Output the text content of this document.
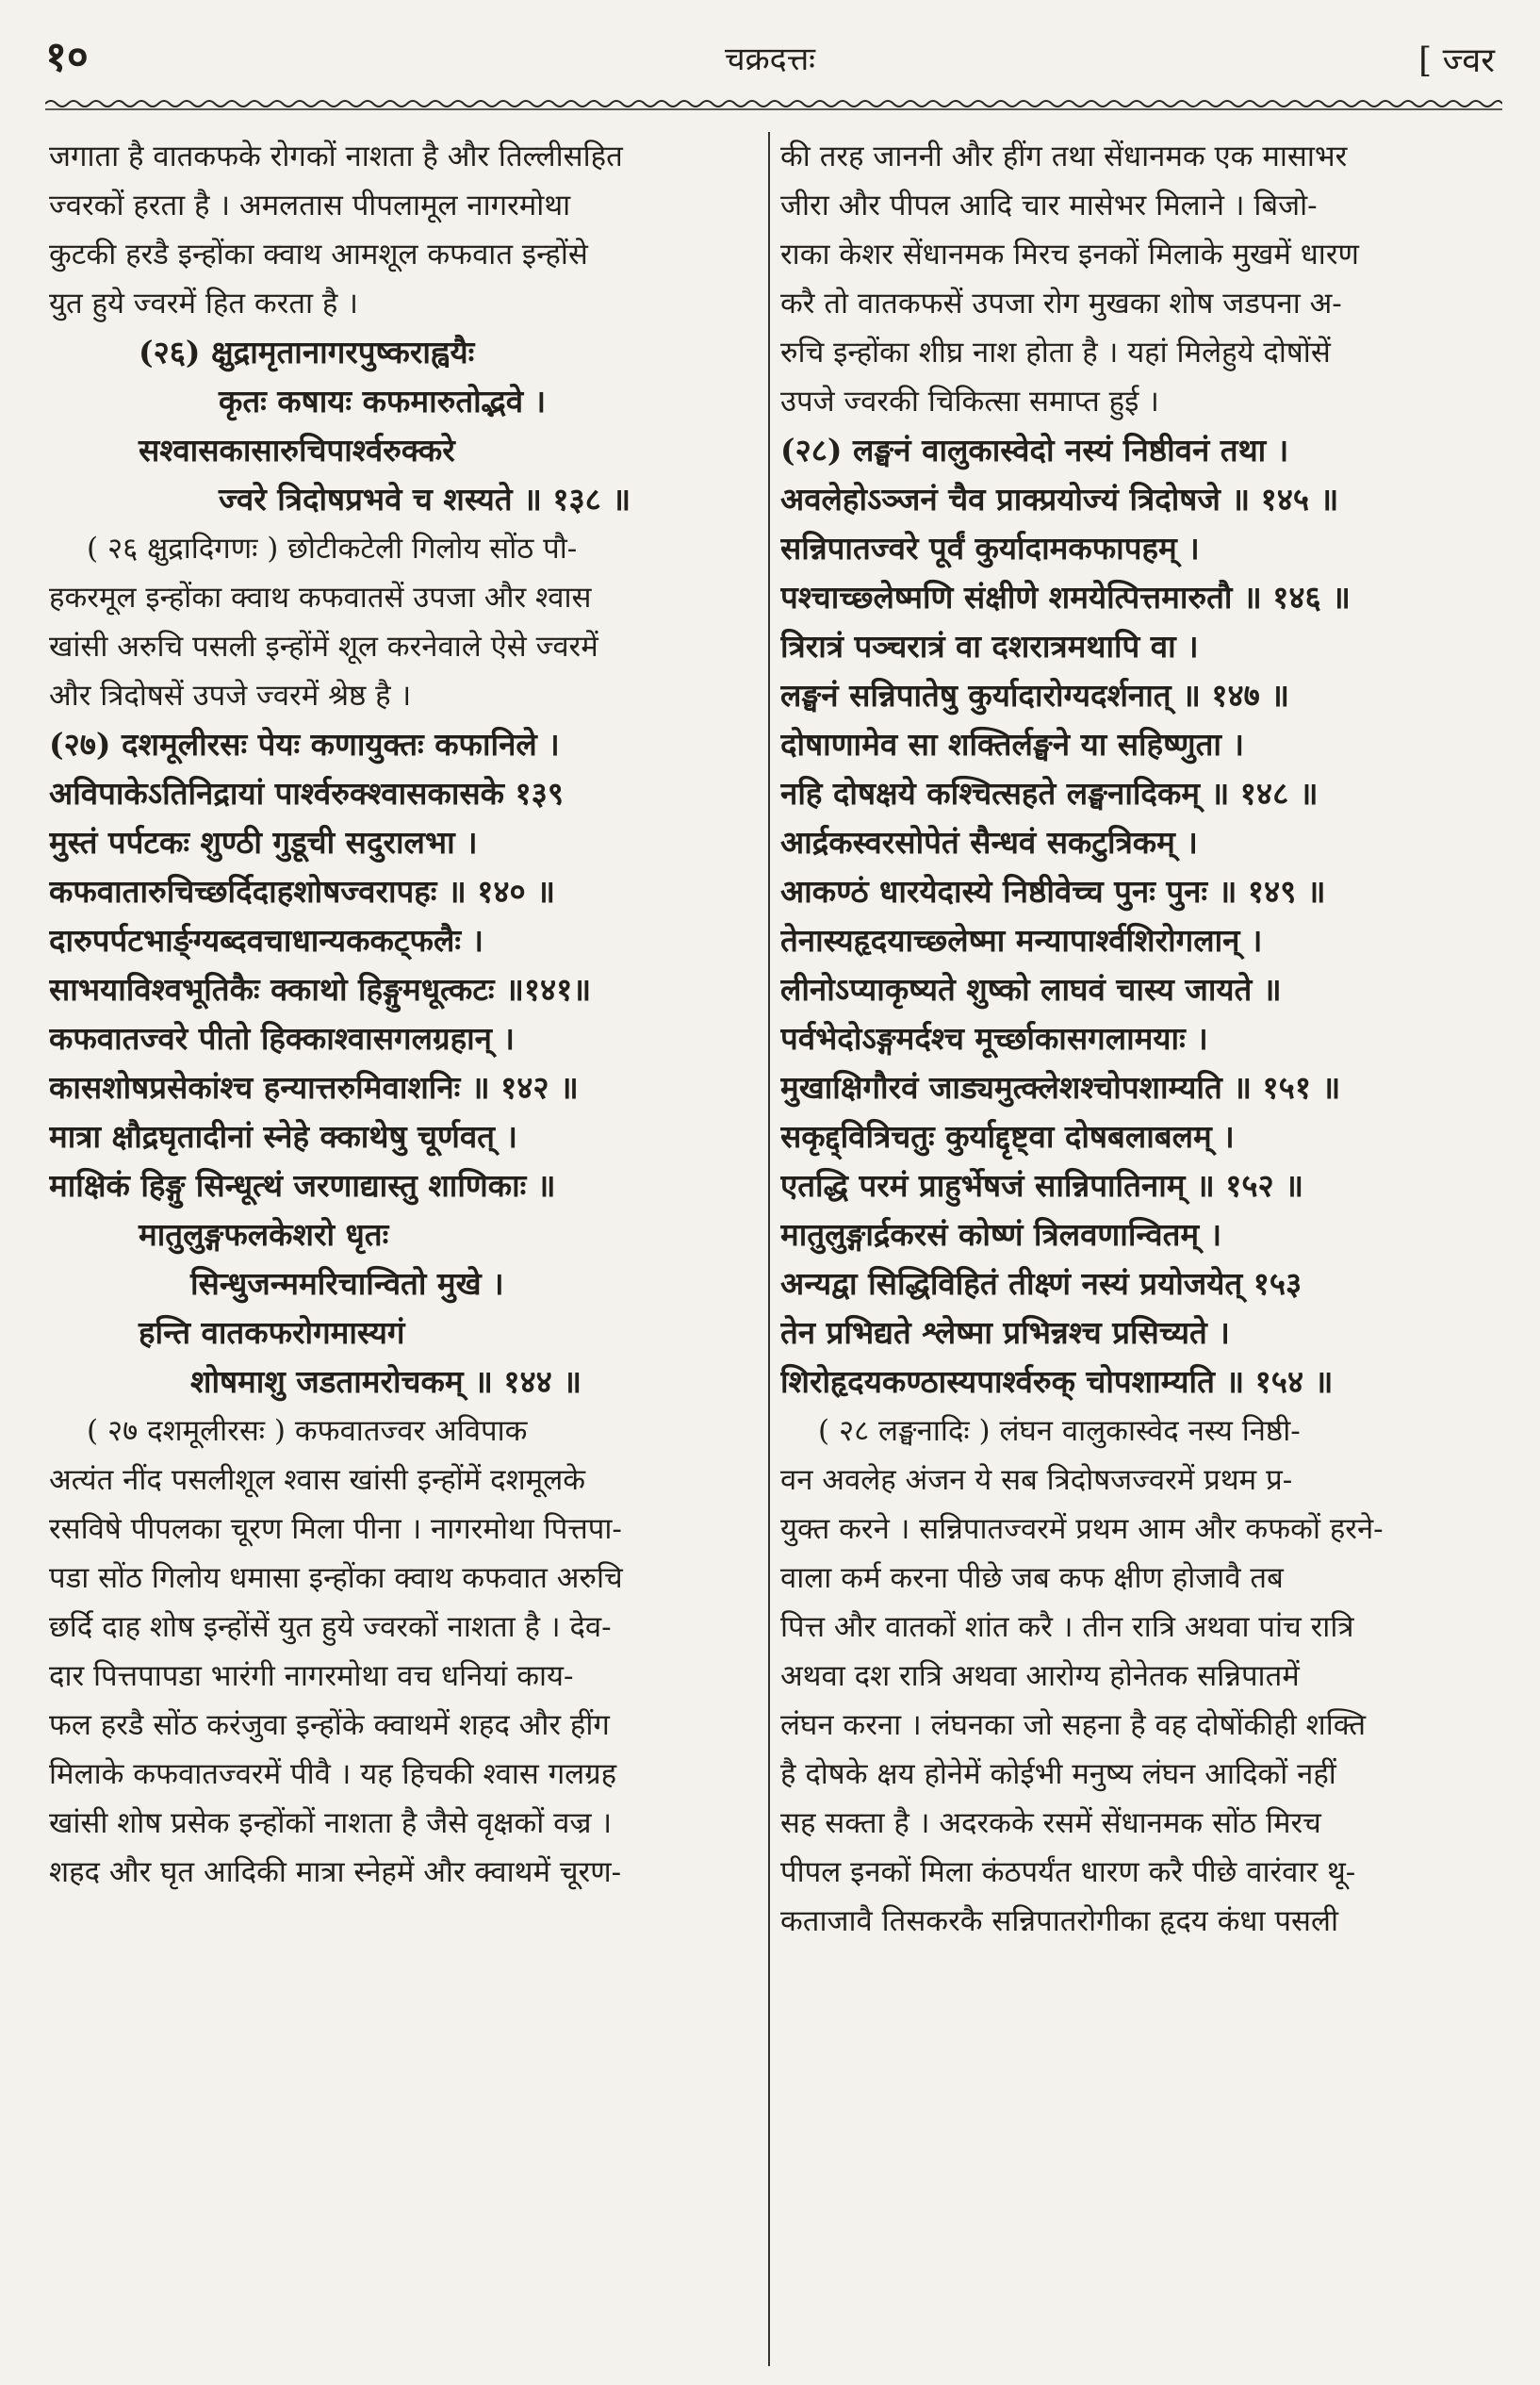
१०	चक्रदत्तः	[ ज्वर
जगाता है वातकफके रोगकों नाशता है और तिल्लीसहित
ज्वरकों हरता है । अमलतास पीपलामूल नागरमोथा
कुटकी हरडै इन्होंका क्वाथ आमशूल कफवात इन्होंसे
युत हुये ज्वरमें हित करता है ।
(२६) क्षुद्रामृतानागरपुष्कराह्वयैः
कृतः कषायः कफमारुतोद्भवे ।
सश्वासकासारुचिपार्श्वरुक्करे
ज्वरे त्रिदोषप्रभवे च शस्यते ॥ १३८ ॥
( २६ क्षुद्रादिगणः ) छोटीकटेली गिलोय सोंठ पौ-
हकरमूल इन्होंका क्वाथ कफवातसें उपजा और श्वास
खांसी अरुचि पसली इन्होंमें शूल करनेवाले ऐसे ज्वरमें
और त्रिदोषसें उपजे ज्वरमें श्रेष्ठ है ।
(२७) दशमूलीरसः पेयः कणायुक्तः कफानिले ।
अविपाकेऽतिनिद्रायां पार्श्वरुक्श्वासकासके १३९
मुस्तं पर्पटकः शुण्ठी गुडूची सदुरालभा ।
कफवातारुचिच्छर्दिदाहशोषज्वरापहः ॥ १४० ॥
दारुपर्पटभार्ङ्ग्यब्दवचाधान्यककट्फलैः ।
साभयाविश्वभूतिकैः क्काथो हिङ्गुमधूत्कटः ॥१४१॥
कफवातज्वरे पीतो हिक्काश्वासगलग्रहान् ।
कासशोषप्रसेकांश्च हन्यात्तरुमिवाशनिः ॥ १४२ ॥
मात्रा क्षौद्रघृतादीनां स्नेहे क्काथेषु चूर्णवत् ।
माक्षिकं हिङ्गु सिन्धूत्थं जरणाद्यास्तु शाणिकाः ॥
मातुलुङ्गफलकेशरो धृतः
सिन्धुजन्ममरिचान्वितो मुखे ।
हन्ति वातकफरोगमास्यगं
शोषमाशु जडतामरोचकम् ॥ १४४ ॥
( २७ दशमूलीरसः ) कफवातज्वर अविपाक
अत्यंत नींद पसलीशूल श्वास खांसी इन्होंमें दशमूलके
रसविषे पीपलका चूरण मिला पीना । नागरमोथा पित्तपा-
पडा सोंठ गिलोय धमासा इन्होंका क्वाथ कफवात अरुचि
छर्दि दाह शोष इन्होंसें युत हुये ज्वरकों नाशता है । देव-
दार पित्तपापडा भारंगी नागरमोथा वच धनियां काय-
फल हरडै सोंठ करंजुवा इन्होंके क्वाथमें शहद और हींग
मिलाके कफवातज्वरमें पीवै । यह हिचकी श्वास गलग्रह
खांसी शोष प्रसेक इन्होंकों नाशता है जैसे वृक्षकों वज्र ।
शहद और घृत आदिकी मात्रा स्नेहमें और क्वाथमें चूरण-
की तरह जाननी और हींग तथा सेंधानमक एक मासाभर
जीरा और पीपल आदि चार मासेभर मिलाने । बिजो-
राका केशर सेंधानमक मिरच इनकों मिलाके मुखमें धारण
करै तो वातकफसें उपजा रोग मुखका शोष जडपना अ-
रुचि इन्होंका शीघ्र नाश होता है । यहां मिलेहुये दोषोंसें
उपजे ज्वरकी चिकित्सा समाप्त हुई ।
(२८) लङ्घनं वालुकास्वेदो नस्यं निष्ठीवनं तथा ।
अवलेहोऽञ्जनं चैव प्राक्प्रयोज्यं त्रिदोषजे ॥ १४५ ॥
सन्निपातज्वरे पूर्वं कुर्यादामकफापहम् ।
पश्चाच्छ्लेष्मणि संक्षीणे शमयेत्पित्तमारुतौ ॥ १४६ ॥
त्रिरात्रं पञ्चरात्रं वा दशरात्रमथापि वा ।
लङ्घनं सन्निपातेषु कुर्यादारोग्यदर्शनात् ॥ १४७ ॥
दोषाणामेव सा शक्तिर्लङ्घने या सहिष्णुता ।
नहि दोषक्षये कश्चित्सहते लङ्घनादिकम् ॥ १४८ ॥
आर्द्रकस्वरसोपेतं सैन्धवं सकटुत्रिकम् ।
आकण्ठं धारयेदास्ये निष्ठीवेच्च पुनः पुनः ॥ १४९ ॥
तेनास्यहृदयाच्छ्लेष्मा मन्यापार्श्वशिरोगलान् ।
लीनोऽप्याकृष्यते शुष्को लाघवं चास्य जायते ॥
पर्वभेदोऽङ्गमर्दश्च मूर्च्छाकासगलामयाः ।
मुखाक्षिगौरवं जाड्यमुत्क्लेशश्चोपशाम्यति ॥ १५१ ॥
सकृद्द्वित्रिचतुः कुर्याद्दृष्ट्वा दोषबलाबलम् ।
एतद्धि परमं प्राहुर्भेषजं सान्निपातिनाम् ॥ १५२ ॥
मातुलुङ्गार्द्रकरसं कोष्णं त्रिलवणान्वितम् ।
अन्यद्वा सिद्धिविहितं तीक्ष्णं नस्यं प्रयोजयेत् १५३
तेन प्रभिद्यते श्लेष्मा प्रभिन्नश्च प्रसिच्यते ।
शिरोहृदयकण्ठास्यपार्श्वरुक् चोपशाम्यति ॥ १५४ ॥
( २८ लङ्घनादिः ) लंघन वालुकास्वेद नस्य निष्ठी-
वन अवलेह अंजन ये सब त्रिदोषजज्वरमें प्रथम प्र-
युक्त करने । सन्निपातज्वरमें प्रथम आम और कफकों हरने-
वाला कर्म करना पीछे जब कफ क्षीण होजावै तब
पित्त और वातकों शांत करै । तीन रात्रि अथवा पांच रात्रि
अथवा दश रात्रि अथवा आरोग्य होनेतक सन्निपातमें
लंघन करना । लंघनका जो सहना है वह दोषोंकीही शक्ति
है दोषके क्षय होनेमें कोईभी मनुष्य लंघन आदिकों नहीं
सह सक्ता है । अदरकके रसमें सेंधानमक सोंठ मिरच
पीपल इनकों मिला कंठपर्यंत धारण करै पीछे वारंवार थू-
कताजावै तिसकरकै सन्निपातरोगीका हृदय कंधा पसली
